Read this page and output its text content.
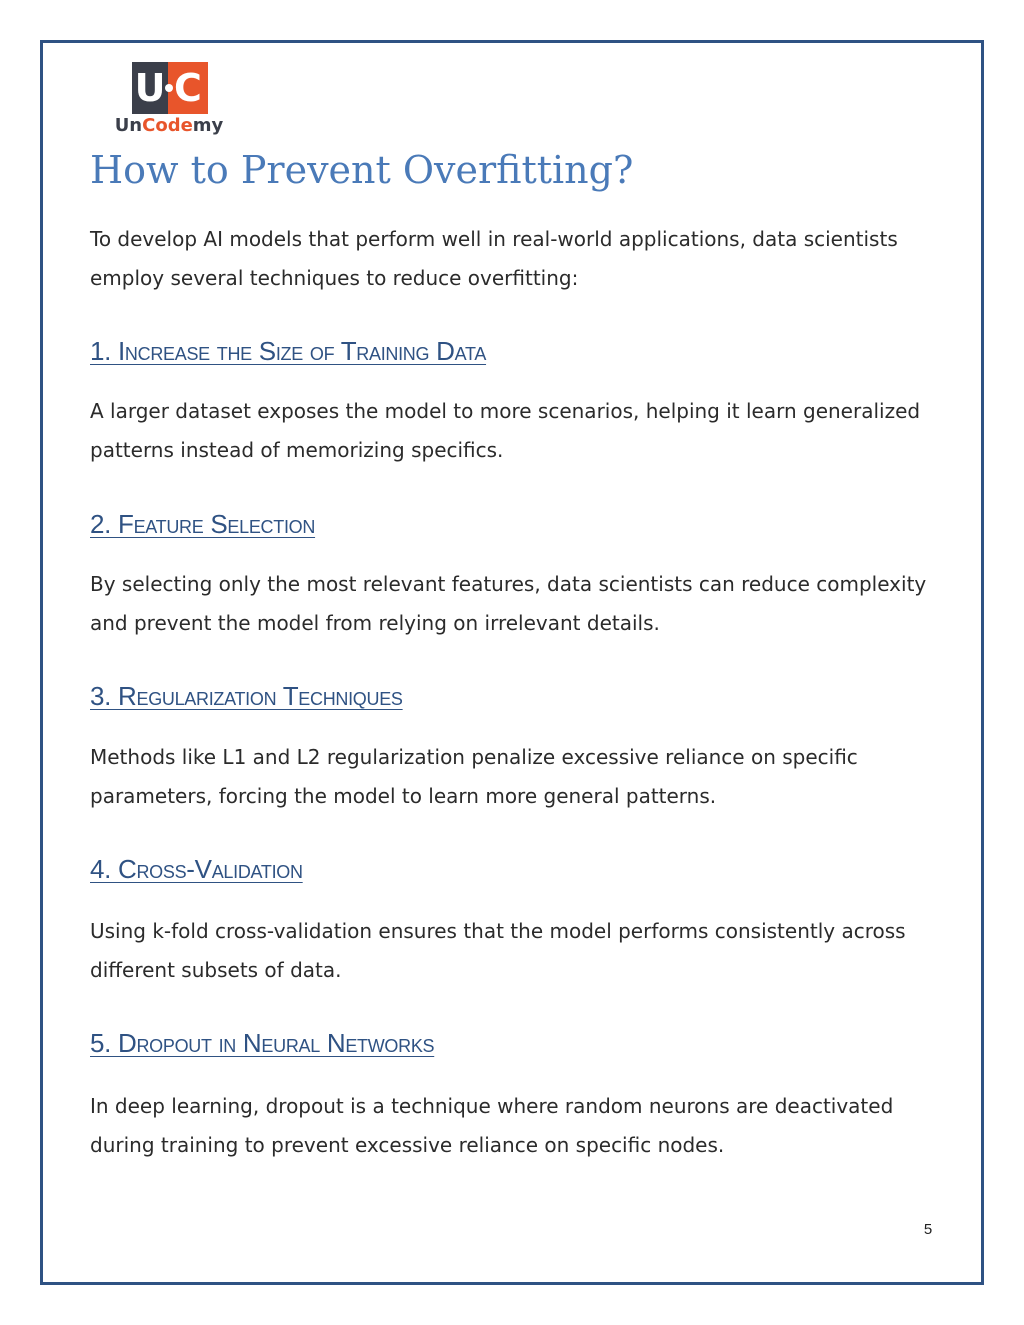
U C
UnCodemy
How to Prevent Overfitting?

To develop AI models that perform well in real-world applications, data scientists employ several techniques to reduce overfitting:

1. Increase the Size of Training Data

A larger dataset exposes the model to more scenarios, helping it learn generalized patterns instead of memorizing specifics.

2. Feature Selection

By selecting only the most relevant features, data scientists can reduce complexity and prevent the model from relying on irrelevant details.

3. Regularization Techniques

Methods like L1 and L2 regularization penalize excessive reliance on specific parameters, forcing the model to learn more general patterns.

4. Cross-Validation

Using k-fold cross-validation ensures that the model performs consistently across different subsets of data.

5. Dropout in Neural Networks

In deep learning, dropout is a technique where random neurons are deactivated during training to prevent excessive reliance on specific nodes.

5
